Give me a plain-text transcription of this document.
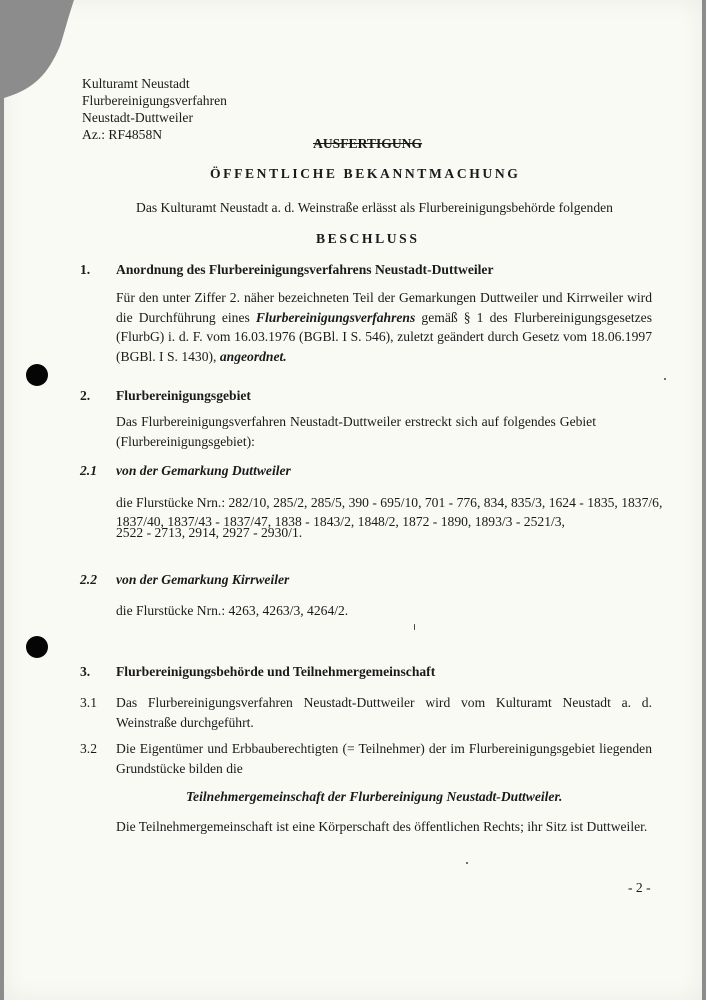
Kulturamt Neustadt
Flurbereinigungsverfahren
Neustadt-Duttweiler
Az.: RF4858N
AUSFERTIGUNG
ÖFFENTLICHE BEKANNTMACHUNG
Das Kulturamt Neustadt a. d. Weinstraße erlässt als Flurbereinigungsbehörde folgenden
BESCHLUSS
1. Anordnung des Flurbereinigungsverfahrens Neustadt-Duttweiler
Für den unter Ziffer 2. näher bezeichneten Teil der Gemarkungen Duttweiler und Kirrweiler wird die Durchführung eines Flurbereinigungsverfahrens gemäß § 1 des Flurbereinigungsgesetzes (FlurbG) i. d. F. vom 16.03.1976 (BGBl. I S. 546), zuletzt geändert durch Gesetz vom 18.06.1997 (BGBl. I S. 1430), angeordnet.
2. Flurbereinigungsgebiet
Das Flurbereinigungsverfahren Neustadt-Duttweiler erstreckt sich auf folgendes Gebiet (Flurbereinigungsgebiet):
2.1 von der Gemarkung Duttweiler
die Flurstücke Nrn.: 282/10, 285/2, 285/5, 390 - 695/10, 701 - 776, 834, 835/3, 1624 - 1835, 1837/6,
1837/40, 1837/43 - 1837/47, 1838 - 1843/2, 1848/2, 1872 - 1890, 1893/3 - 2521/3,
2522 - 2713, 2914, 2927 - 2930/1.
2.2 von der Gemarkung Kirrweiler
die Flurstücke Nrn.: 4263, 4263/3, 4264/2.
3. Flurbereinigungsbehörde und Teilnehmergemeinschaft
3.1 Das Flurbereinigungsverfahren Neustadt-Duttweiler wird vom Kulturamt Neustadt a. d. Weinstraße durchgeführt.
3.2 Die Eigentümer und Erbbauberechtigten (= Teilnehmer) der im Flurbereinigungsgebiet liegenden Grundstücke bilden die
Teilnehmergemeinschaft der Flurbereinigung Neustadt-Duttweiler.
Die Teilnehmergemeinschaft ist eine Körperschaft des öffentlichen Rechts; ihr Sitz ist Duttweiler.
- 2 -
